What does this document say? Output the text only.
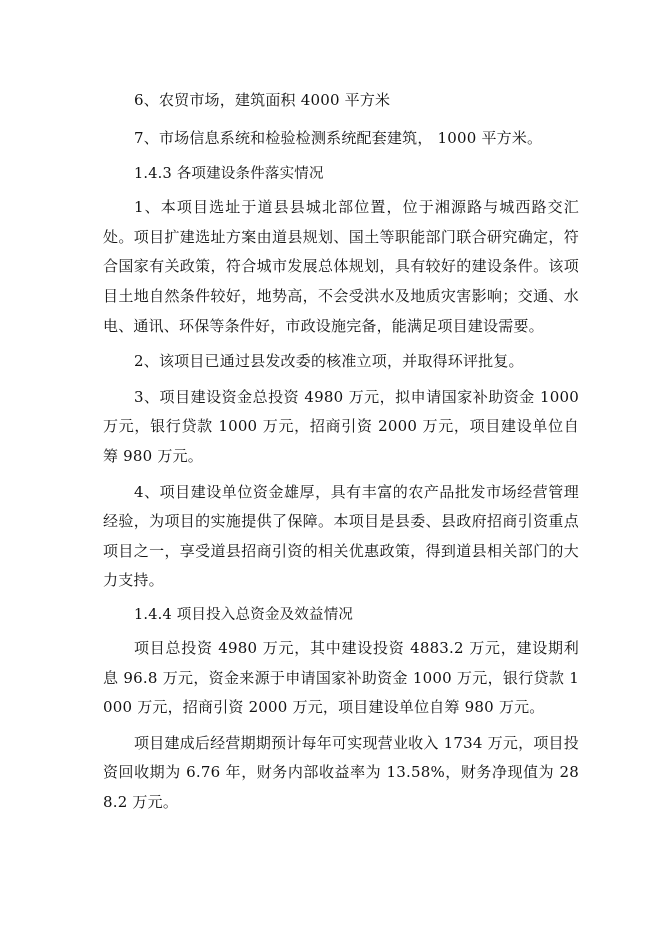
6、农贸市场，建筑面积 4000 平方米

7、市场信息系统和检验检测系统配套建筑， 1000 平方米。

1.4.3 各项建设条件落实情况

1、本项目选址于道县县城北部位置，位于湘源路与城西路交汇处。项目扩建选址方案由道县规划、国土等职能部门联合研究确定，符合国家有关政策，符合城市发展总体规划，具有较好的建设条件。该项目土地自然条件较好，地势高，不会受洪水及地质灾害影响；交通、水电、通讯、环保等条件好，市政设施完备，能满足项目建设需要。

2、该项目已通过县发改委的核准立项，并取得环评批复。

3、项目建设资金总投资 4980 万元，拟申请国家补助资金 1000 万元，银行贷款 1000 万元，招商引资 2000 万元，项目建设单位自筹 980 万元。

4、项目建设单位资金雄厚，具有丰富的农产品批发市场经营管理经验，为项目的实施提供了保障。本项目是县委、县政府招商引资重点项目之一，享受道县招商引资的相关优惠政策，得到道县相关部门的大力支持。

1.4.4 项目投入总资金及效益情况

项目总投资 4980 万元，其中建设投资 4883.2 万元，建设期利息 96.8 万元，资金来源于申请国家补助资金 1000 万元，银行贷款 1000 万元，招商引资 2000 万元，项目建设单位自筹 980 万元。

项目建成后经营期期预计每年可实现营业收入 1734 万元，项目投资回收期为 6.76 年，财务内部收益率为 13.58%，财务净现值为 288.2 万元。
